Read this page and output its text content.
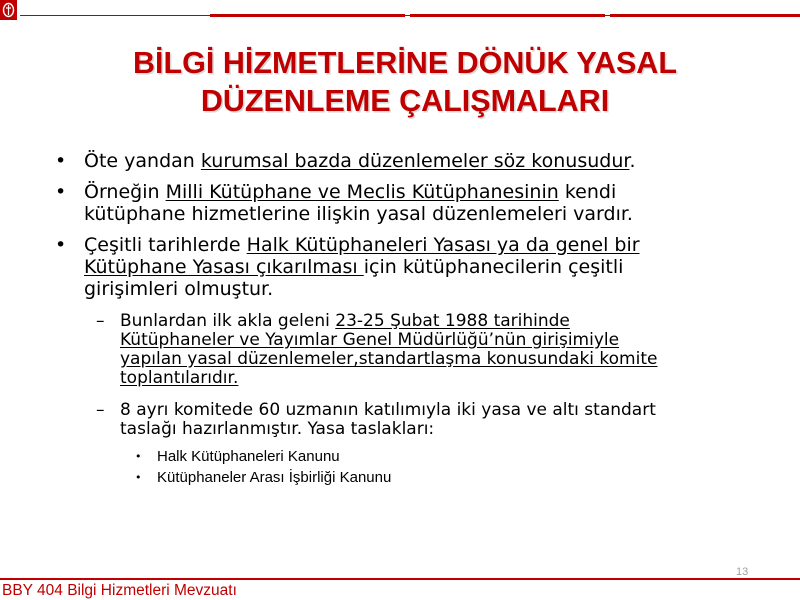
BİLGİ HİZMETLERİNE DÖNÜK YASAL
DÜZENLEME ÇALIŞMALARI
• Öte yandan kurumsal bazda düzenlemeler söz konusudur.
• Örneğin Milli Kütüphane ve Meclis Kütüphanesinin kendi
kütüphane hizmetlerine ilişkin yasal düzenlemeleri vardır.
• Çeşitli tarihlerde Halk Kütüphaneleri Yasası ya da genel bir
Kütüphane Yasası çıkarılması için kütüphanecilerin çeşitli
girişimleri olmuştur.
– Bunlardan ilk akla geleni 23-25 Şubat 1988 tarihinde
Kütüphaneler ve Yayımlar Genel Müdürlüğü’nün girişimiyle
yapılan yasal düzenlemeler,standartlaşma konusundaki komite
toplantılarıdır.
– 8 ayrı komitede 60 uzmanın katılımıyla iki yasa ve altı standart
taslağı hazırlanmıştır. Yasa taslakları:
• Halk Kütüphaneleri Kanunu
• Kütüphaneler Arası İşbirliği Kanunu
13
BBY 404 Bilgi Hizmetleri Mevzuatı
